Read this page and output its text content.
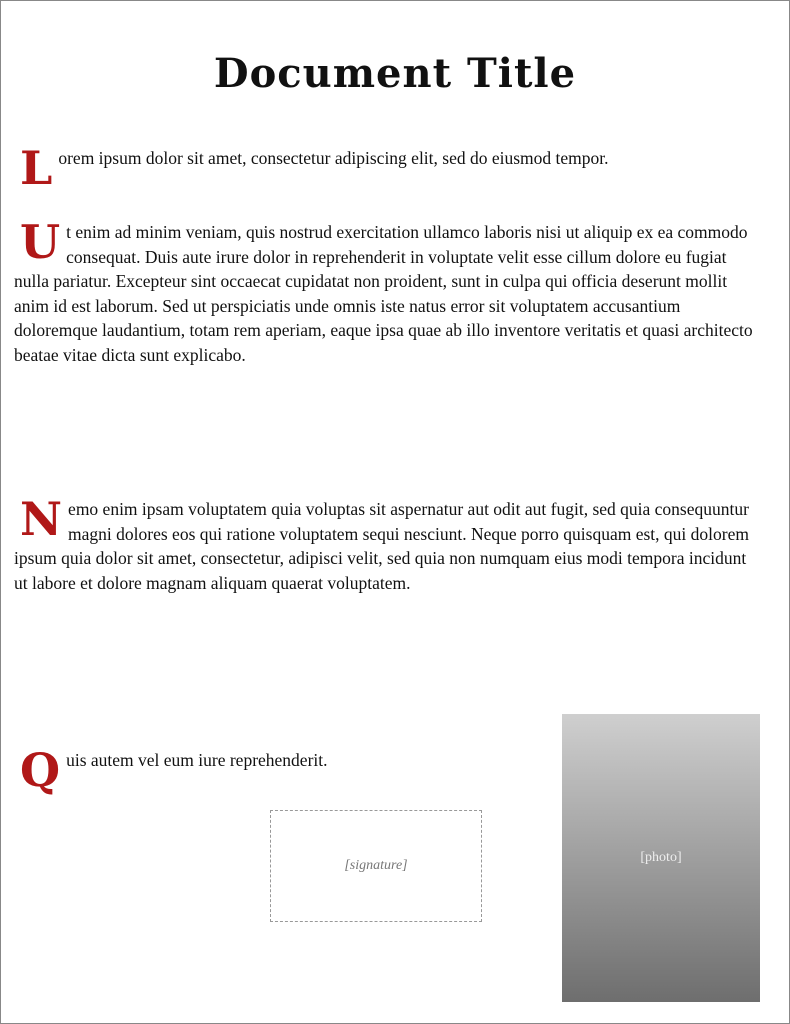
Document Title
Lorem ipsum dolor sit amet, consectetur adipiscing elit, sed do eiusmod tempor.
Ut enim ad minim veniam, quis nostrud exercitation ullamco laboris nisi ut aliquip ex ea commodo consequat. Duis aute irure dolor in reprehenderit in voluptate velit esse cillum dolore eu fugiat nulla pariatur. Excepteur sint occaecat cupidatat non proident, sunt in culpa qui officia deserunt mollit anim id est laborum. Sed ut perspiciatis unde omnis iste natus error sit voluptatem accusantium doloremque laudantium, totam rem aperiam, eaque ipsa quae ab illo inventore veritatis et quasi architecto beatae vitae dicta sunt explicabo.
Nemo enim ipsam voluptatem quia voluptas sit aspernatur aut odit aut fugit, sed quia consequuntur magni dolores eos qui ratione voluptatem sequi nesciunt. Neque porro quisquam est, qui dolorem ipsum quia dolor sit amet, consectetur, adipisci velit, sed quia non numquam eius modi tempora incidunt ut labore et dolore magnam aliquam quaerat voluptatem.
Quis autem vel eum iure reprehenderit.
[signature]
[photo]
